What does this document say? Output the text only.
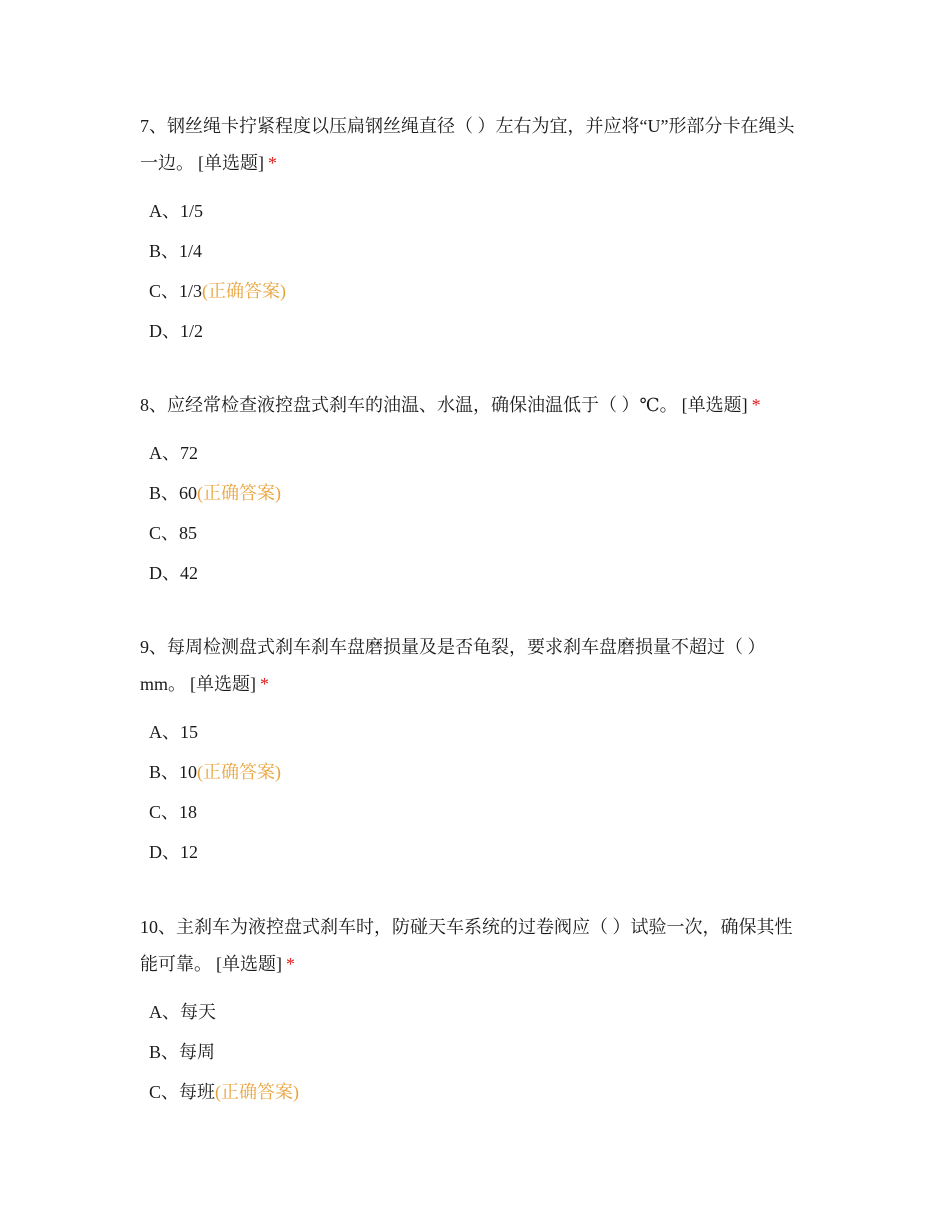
7、钢丝绳卡拧紧程度以压扁钢丝绳直径（ ）左右为宜，并应将“U”形部分卡在绳头一边。 [单选题] *

A、1/5
B、1/4
C、1/3(正确答案)
D、1/2

8、应经常检查液控盘式刹车的油温、水温，确保油温低于（ ）℃。 [单选题] *

A、72
B、60(正确答案)
C、85
D、42

9、每周检测盘式刹车刹车盘磨损量及是否龟裂，要求刹车盘磨损量不超过（ ）mm。 [单选题] *

A、15
B、10(正确答案)
C、18
D、12

10、主刹车为液控盘式刹车时，防碰天车系统的过卷阀应（ ）试验一次，确保其性能可靠。 [单选题] *

A、每天
B、每周
C、每班(正确答案)
